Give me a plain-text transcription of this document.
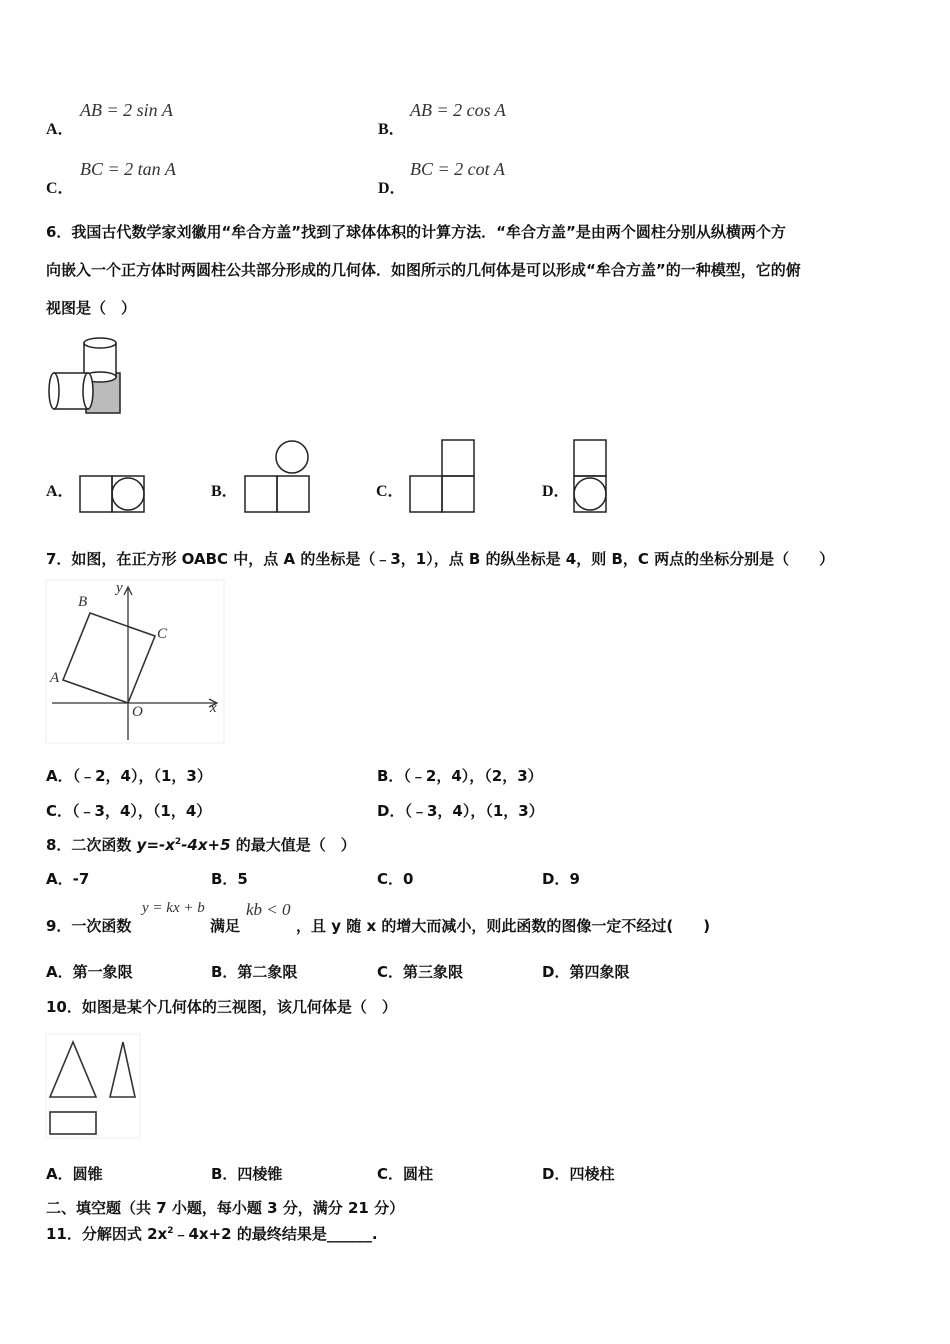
A．
AB = 2 sin A
B．
AB = 2 cos A
C．
BC = 2 tan A
D．
BC = 2 cot A
6．我国古代数学家刘徽用“牟合方盖”找到了球体体积的计算方法．“牟合方盖”是由两个圆柱分别从纵横两个方
向嵌入一个正方体时两圆柱公共部分形成的几何体．如图所示的几何体是可以形成“牟合方盖”的一种模型，它的俯
视图是（　）
A．	B．	C．	D．
7．如图，在正方形 OABC 中，点 A 的坐标是（﹣3，1），点 B 的纵坐标是 4，则 B，C 两点的坐标分别是（　　）
B
C
A
O	x
y
A．（﹣2，4），（1，3）	B．（﹣2，4），（2，3）
C．（﹣3，4），（1，4）	D．（﹣3，4），（1，3）
8．二次函数 $y=-x^2-4x+5$ 的最大值是（　）
A．-7	B．5	C．0	D．9
9．一次函数
y = kx + b
满足
kb < 0
，且 y 随 x 的增大而减小，则此函数的图像一定不经过(　　)
A．第一象限	B．第二象限	C．第三象限	D．第四象限
10．如图是某个几何体的三视图，该几何体是（　）
A．圆锥	B．四棱锥	C．圆柱	D．四棱柱
二、填空题（共 7 小题，每小题 3 分，满分 21 分）
11．分解因式 $2x^2﹣4x+2$ 的最终结果是______.
